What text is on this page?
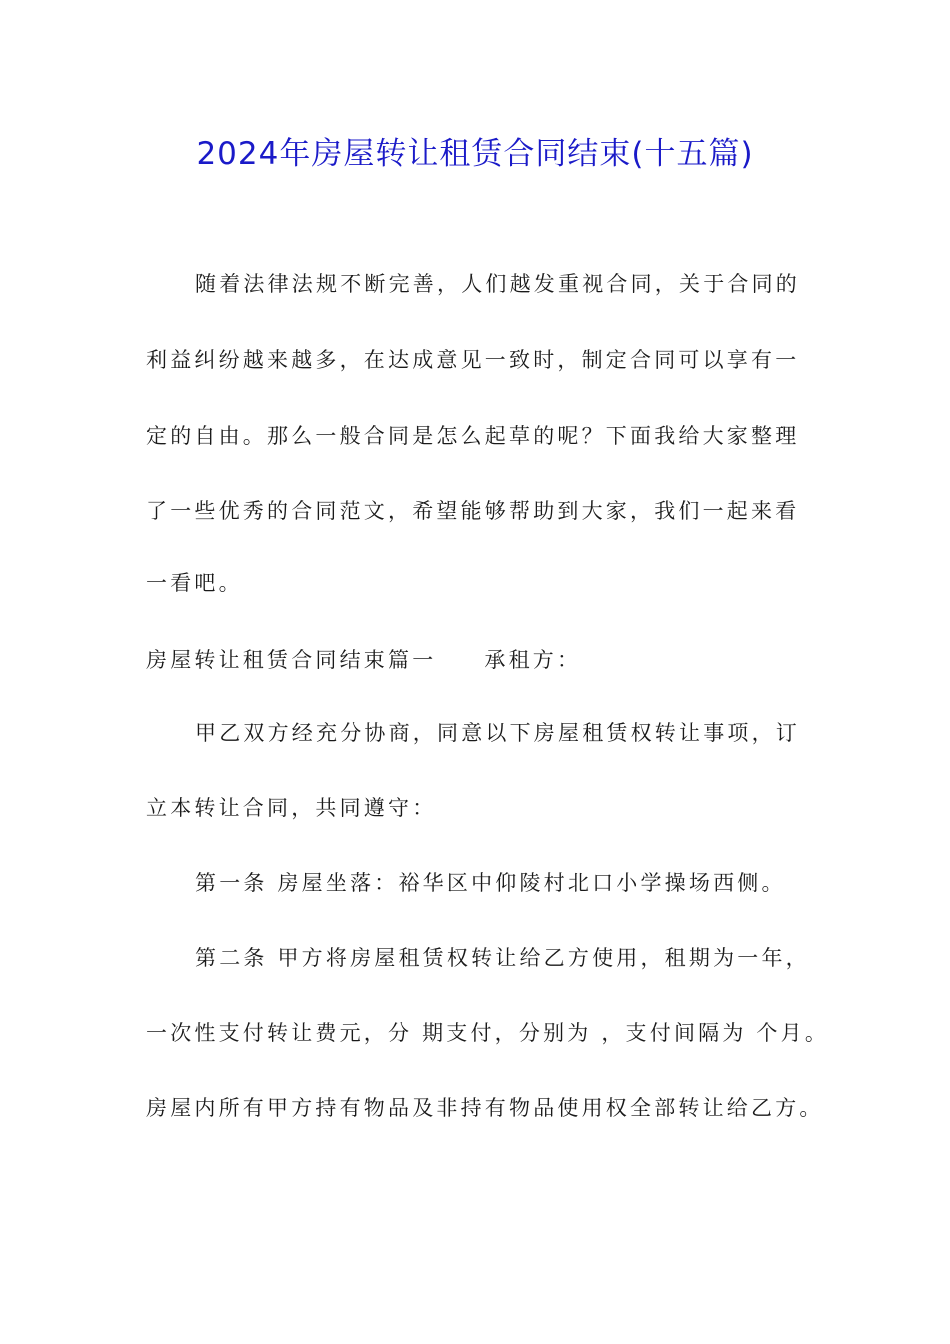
2024年房屋转让租赁合同结束(十五篇)
随着法律法规不断完善，人们越发重视合同，关于合同的
利益纠纷越来越多，在达成意见一致时，制定合同可以享有一
定的自由。那么一般合同是怎么起草的呢？下面我给大家整理
了一些优秀的合同范文，希望能够帮助到大家，我们一起来看
一看吧。
房屋转让租赁合同结束篇一 承租方：
甲乙双方经充分协商，同意以下房屋租赁权转让事项，订
立本转让合同，共同遵守：
第一条 房屋坐落：裕华区中仰陵村北口小学操场西侧。
第二条 甲方将房屋租赁权转让给乙方使用，租期为一年，
一次性支付转让费元，分 期支付，分别为 ，支付间隔为 个月。
房屋内所有甲方持有物品及非持有物品使用权全部转让给乙方。
